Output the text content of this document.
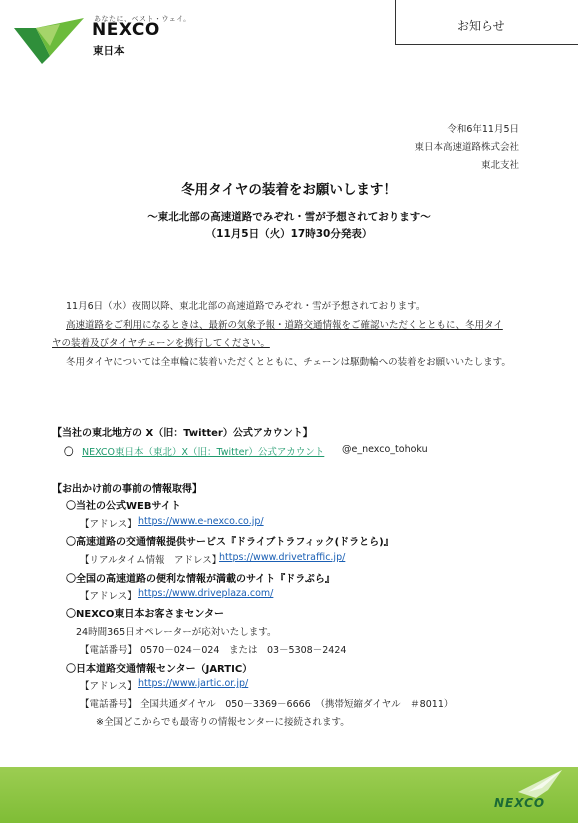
あなたに、ベスト・ウェイ。
NEXCO
東日本
お知らせ
令和6年11月5日
東日本高速道路株式会社
東北支社
冬用タイヤの装着をお願いします！
～東北北部の高速道路でみぞれ・雪が予想されております～
（11月5日（火）17時30分発表）
11月6日（水）夜間以降、東北北部の高速道路でみぞれ・雪が予想されております。
高速道路をご利用になるときは、最新の気象予報・道路交通情報をご確認いただくとともに、冬用タイ
ヤの装着及びタイヤチェーンを携行してください。
冬用タイヤについては全車輪に装着いただくとともに、チェーンは駆動輪への装着をお願いいたします。
【当社の東北地方の X（旧：Twitter）公式アカウント】
〇 NEXCO東日本（東北）X（旧：Twitter）公式アカウント @e_nexco_tohoku
【お出かけ前の事前の情報取得】
〇当社の公式WEBサイト
【アドレス】 https://www.e-nexco.co.jp/
〇高速道路の交通情報提供サービス『ドライブトラフィック(ドラとら)』
【リアルタイム情報　アドレス】
https://www.drivetraffic.jp/
〇全国の高速道路の便利な情報が満載のサイト『ドラぷら』
【アドレス】 https://www.driveplaza.com/
〇NEXCO東日本お客さまセンター
24時間365日オペレーターが応対いたします。
【電話番号】 0570－024－024　または　03－5308－2424
〇日本道路交通情報センター（JARTIC）
【アドレス】 https://www.jartic.or.jp/
【電話番号】 全国共通ダイヤル　050－3369－6666　（携帯短縮ダイヤル　＃8011）
※全国どこからでも最寄りの情報センターに接続されます。
NEXCO
